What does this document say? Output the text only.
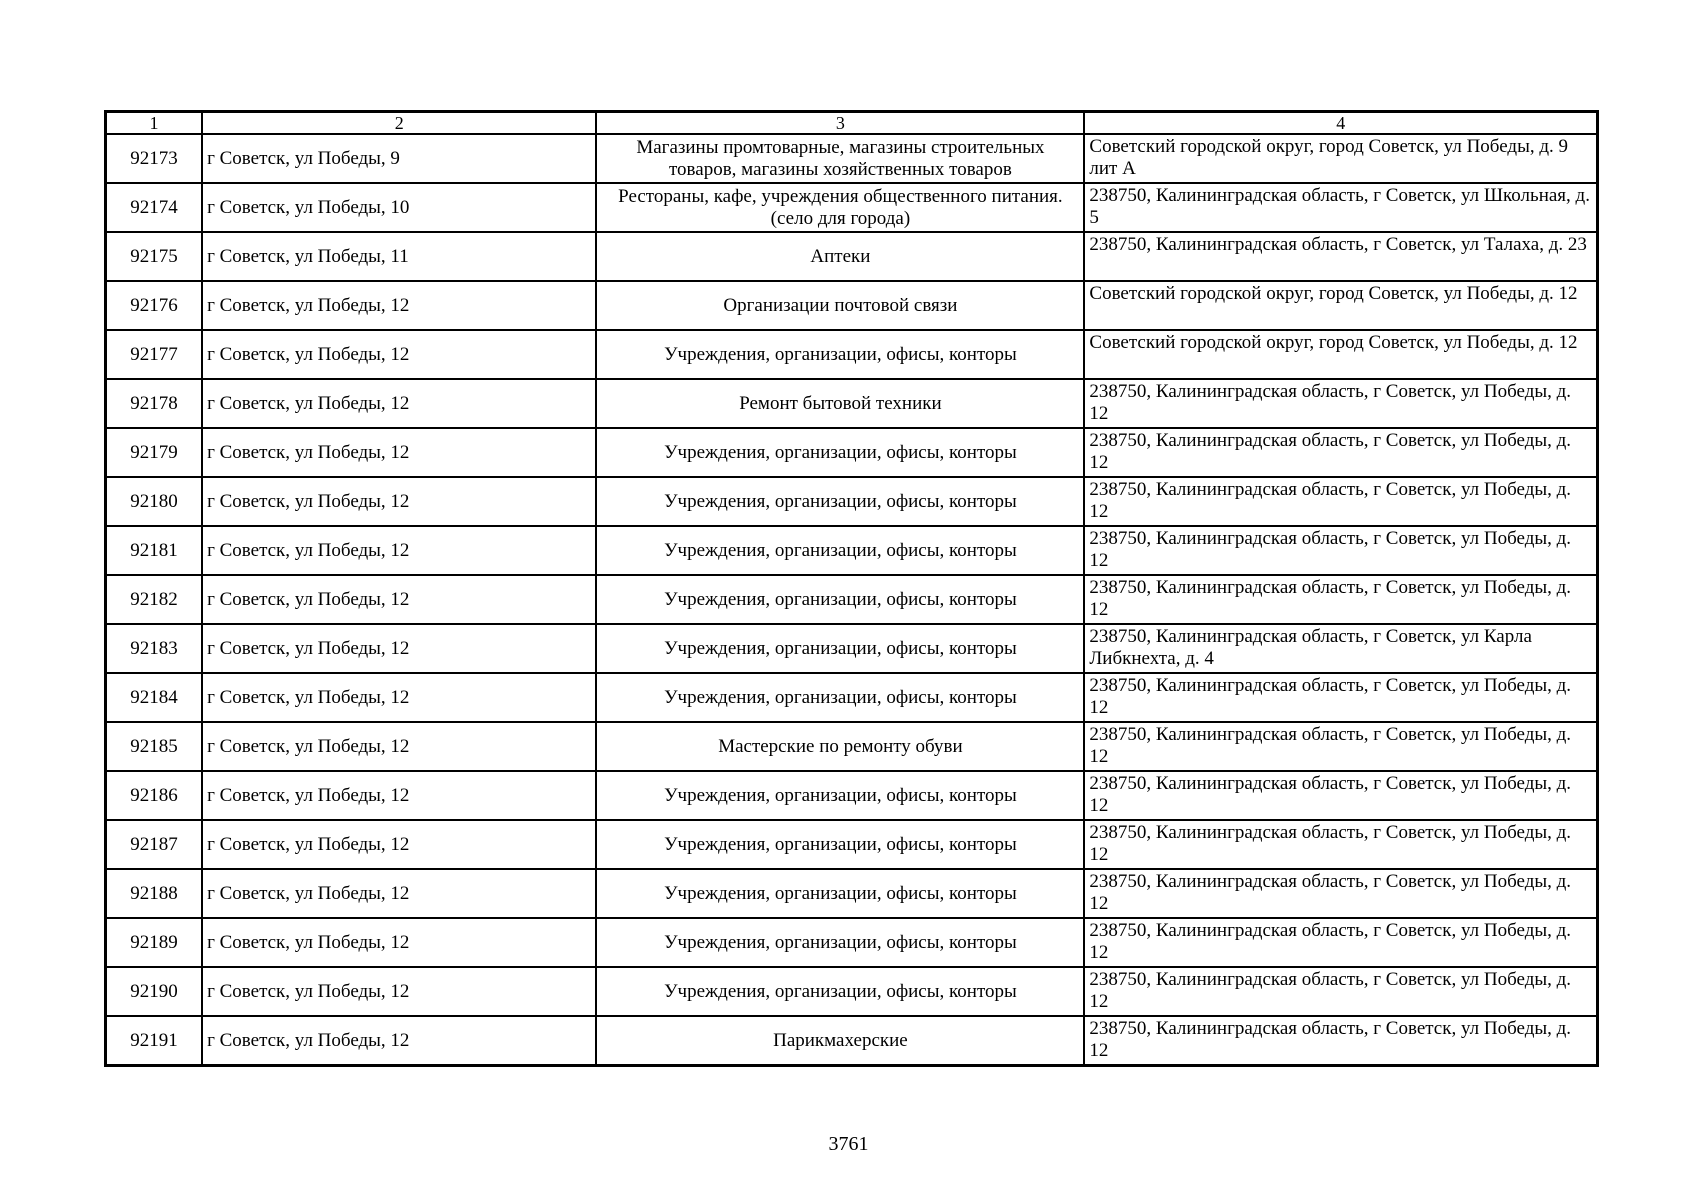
1	2	3	4
92173	г Советск, ул Победы, 9	Магазины промтоварные, магазины строительных товаров, магазины хозяйственных товаров	Советский городской округ, город Советск, ул Победы, д. 9 лит А
92174	г Советск, ул Победы, 10	Рестораны, кафе, учреждения общественного питания. (село для города)	238750, Калининградская область, г Советск, ул Школьная, д. 5
92175	г Советск, ул Победы, 11	Аптеки	238750, Калининградская область, г Советск, ул Талаха, д. 23
92176	г Советск, ул Победы, 12	Организации почтовой связи	Советский городской округ, город Советск, ул Победы, д. 12
92177	г Советск, ул Победы, 12	Учреждения, организации, офисы, конторы	Советский городской округ, город Советск, ул Победы, д. 12
92178	г Советск, ул Победы, 12	Ремонт бытовой техники	238750, Калининградская область, г Советск, ул Победы, д. 12
92179	г Советск, ул Победы, 12	Учреждения, организации, офисы, конторы	238750, Калининградская область, г Советск, ул Победы, д. 12
92180	г Советск, ул Победы, 12	Учреждения, организации, офисы, конторы	238750, Калининградская область, г Советск, ул Победы, д. 12
92181	г Советск, ул Победы, 12	Учреждения, организации, офисы, конторы	238750, Калининградская область, г Советск, ул Победы, д. 12
92182	г Советск, ул Победы, 12	Учреждения, организации, офисы, конторы	238750, Калининградская область, г Советск, ул Победы, д. 12
92183	г Советск, ул Победы, 12	Учреждения, организации, офисы, конторы	238750, Калининградская область, г Советск, ул Карла Либкнехта, д. 4
92184	г Советск, ул Победы, 12	Учреждения, организации, офисы, конторы	238750, Калининградская область, г Советск, ул Победы, д. 12
92185	г Советск, ул Победы, 12	Мастерские по ремонту обуви	238750, Калининградская область, г Советск, ул Победы, д. 12
92186	г Советск, ул Победы, 12	Учреждения, организации, офисы, конторы	238750, Калининградская область, г Советск, ул Победы, д. 12
92187	г Советск, ул Победы, 12	Учреждения, организации, офисы, конторы	238750, Калининградская область, г Советск, ул Победы, д. 12
92188	г Советск, ул Победы, 12	Учреждения, организации, офисы, конторы	238750, Калининградская область, г Советск, ул Победы, д. 12
92189	г Советск, ул Победы, 12	Учреждения, организации, офисы, конторы	238750, Калининградская область, г Советск, ул Победы, д. 12
92190	г Советск, ул Победы, 12	Учреждения, организации, офисы, конторы	238750, Калининградская область, г Советск, ул Победы, д. 12
92191	г Советск, ул Победы, 12	Парикмахерские	238750, Калининградская область, г Советск, ул Победы, д. 12
3761
